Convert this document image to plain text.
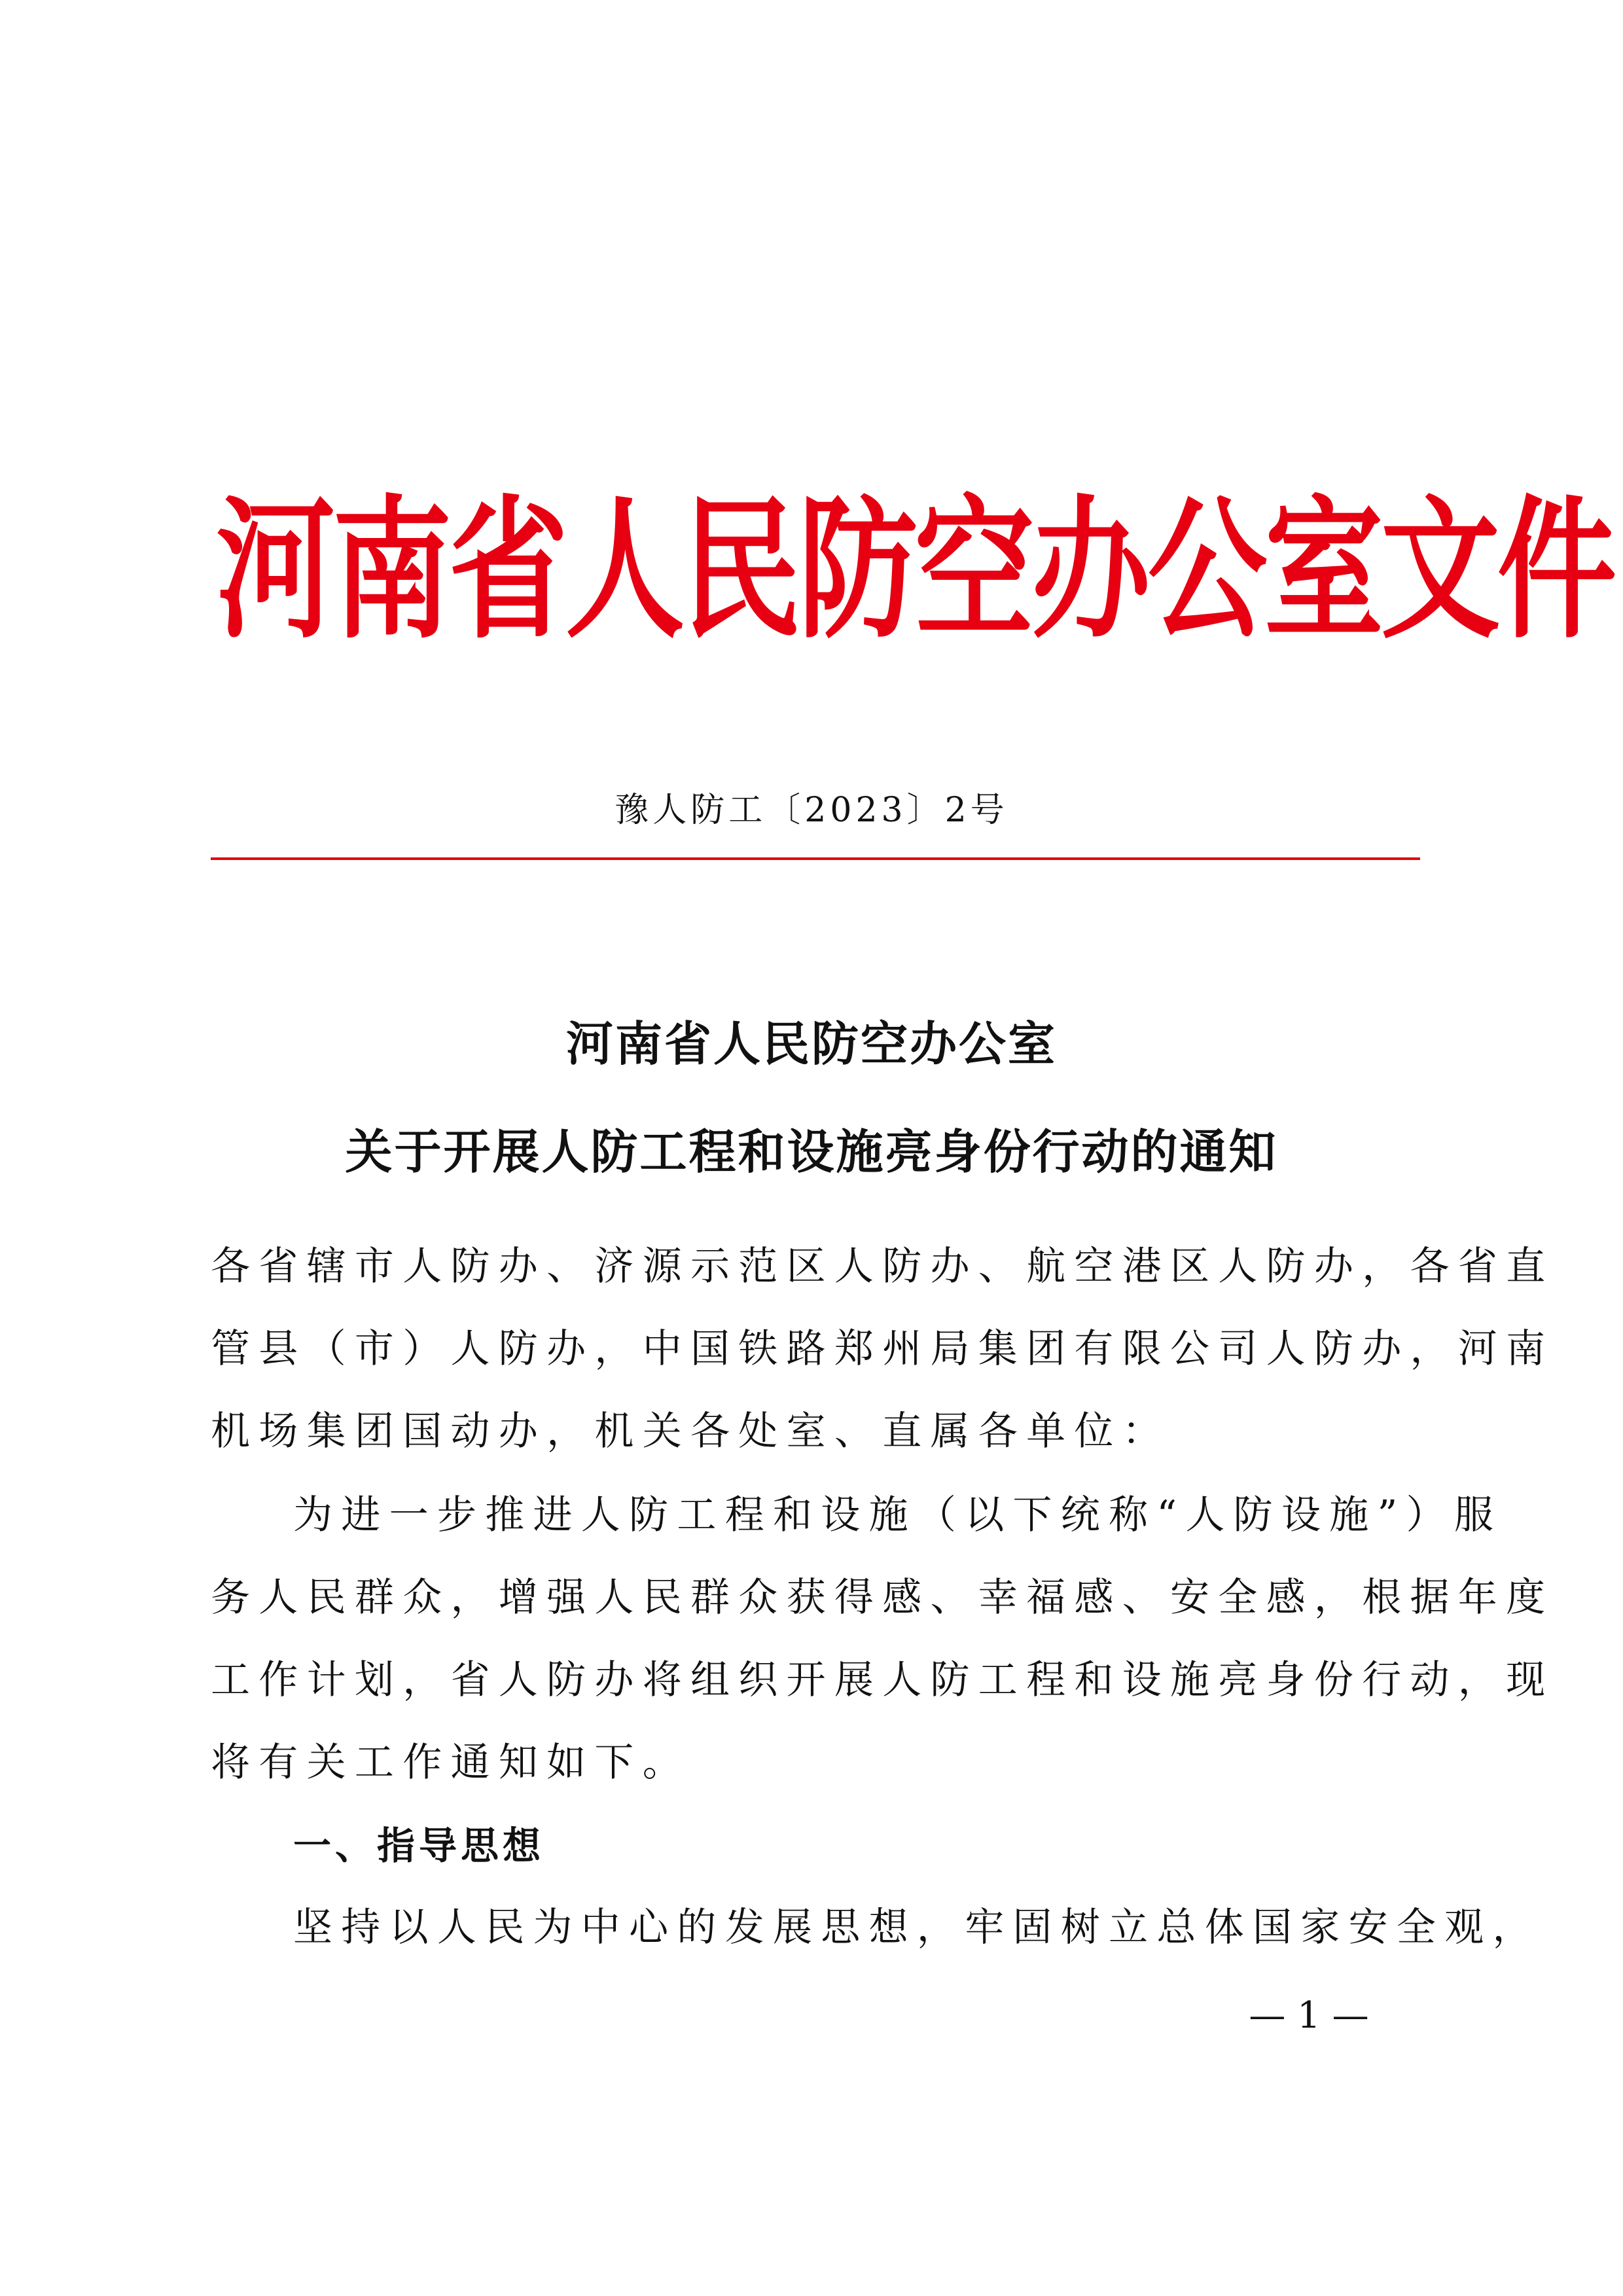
河南省人民防空办公室文件
豫人防工〔2023〕2号
河南省人民防空办公室
关于开展人防工程和设施亮身份行动的通知
各省辖市人防办、济源示范区人防办、航空港区人防办，各省直
管县（市）人防办，中国铁路郑州局集团有限公司人防办，河南
机场集团国动办，机关各处室、直属各单位：
为进一步推进人防工程和设施（以下统称“人防设施”）服
务人民群众，增强人民群众获得感、幸福感、安全感，根据年度
工作计划，省人防办将组织开展人防工程和设施亮身份行动，现
将有关工作通知如下。
一、指导思想
坚持以人民为中心的发展思想，牢固树立总体国家安全观，
— 1 —
